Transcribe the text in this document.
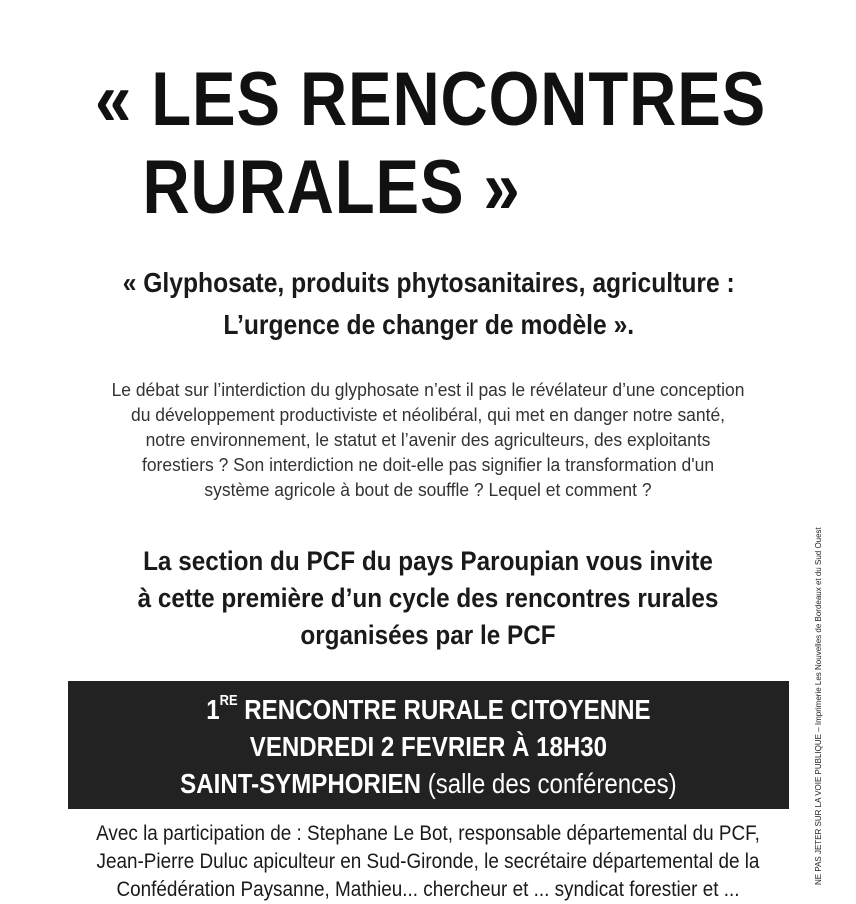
« LES RENCONTRES
RURALES »
« Glyphosate, produits phytosanitaires, agriculture :
L’urgence de changer de modèle ».
Le débat sur l’interdiction du glyphosate n’est il pas le révélateur d’une conception
du développement productiviste et néolibéral, qui met en danger notre santé,
notre environnement, le statut et l’avenir des agriculteurs, des exploitants
forestiers ? Son interdiction ne doit-elle pas signifier la transformation d'un
système agricole à bout de souffle ? Lequel et comment ?
La section du PCF du pays Paroupian vous invite
à cette première d’un cycle des rencontres rurales
organisées par le PCF
1RE RENCONTRE RURALE CITOYENNE
VENDREDI 2 FEVRIER À 18H30
SAINT-SYMPHORIEN (salle des conférences)
Avec la participation de : Stephane Le Bot, responsable départemental du PCF,
Jean-Pierre Duluc apiculteur en Sud-Gironde, le secrétaire départemental de la
Confédération Paysanne, Mathieu... chercheur et ... syndicat forestier et ...
NE PAS JETER SUR LA VOIE PUBLIQUE – Imprimerie Les Nouvelles de Bordeaux et du Sud Ouest
